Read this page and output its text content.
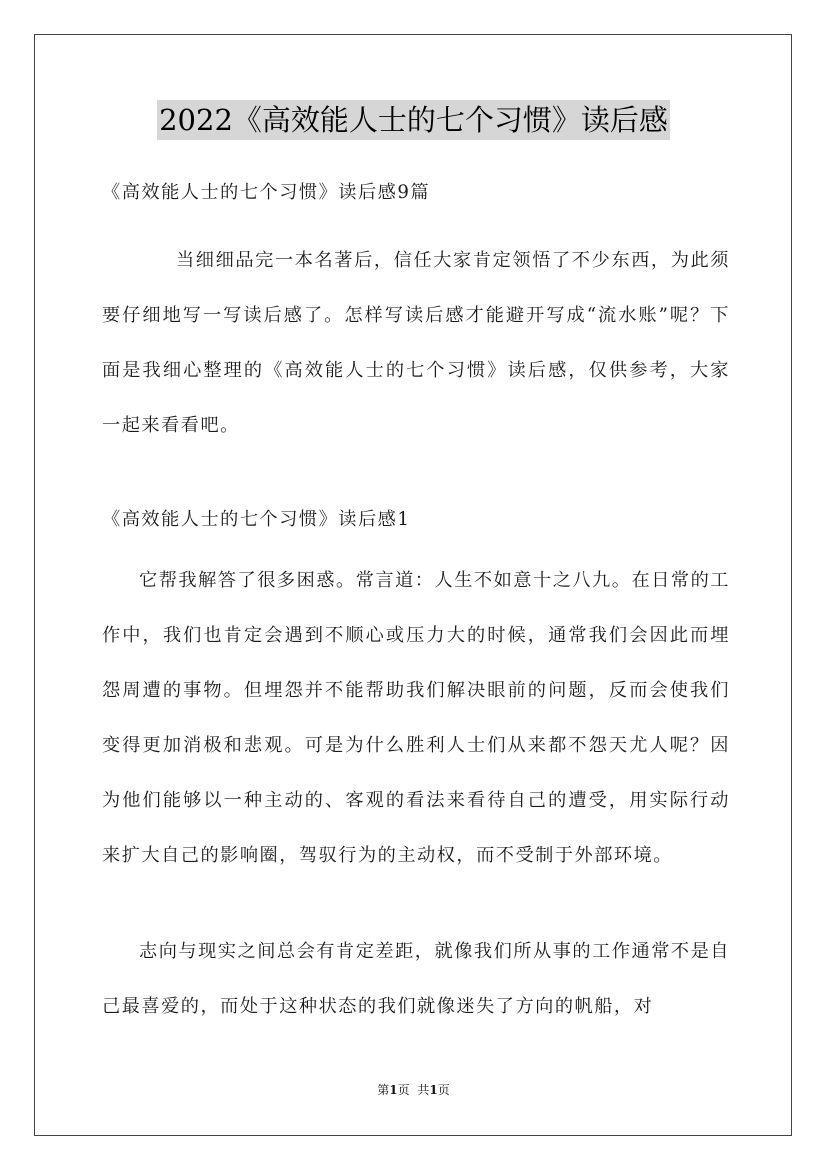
2022《高效能人士的七个习惯》读后感
《高效能人士的七个习惯》读后感9篇
当细细品完一本名著后，信任大家肯定领悟了不少东西，为此须要仔细地写一写读后感了。怎样写读后感才能避开写成“流水账”呢？下面是我细心整理的《高效能人士的七个习惯》读后感，仅供参考，大家一起来看看吧。
《高效能人士的七个习惯》读后感1
它帮我解答了很多困惑。常言道：人生不如意十之八九。在日常的工作中，我们也肯定会遇到不顺心或压力大的时候，通常我们会因此而埋怨周遭的事物。但埋怨并不能帮助我们解决眼前的问题，反而会使我们变得更加消极和悲观。可是为什么胜利人士们从来都不怨天尤人呢？因为他们能够以一种主动的、客观的看法来看待自己的遭受，用实际行动来扩大自己的影响圈，驾驭行为的主动权，而不受制于外部环境。
志向与现实之间总会有肯定差距，就像我们所从事的工作通常不是自己最喜爱的，而处于这种状态的我们就像迷失了方向的帆船，对
第1页 共1页
